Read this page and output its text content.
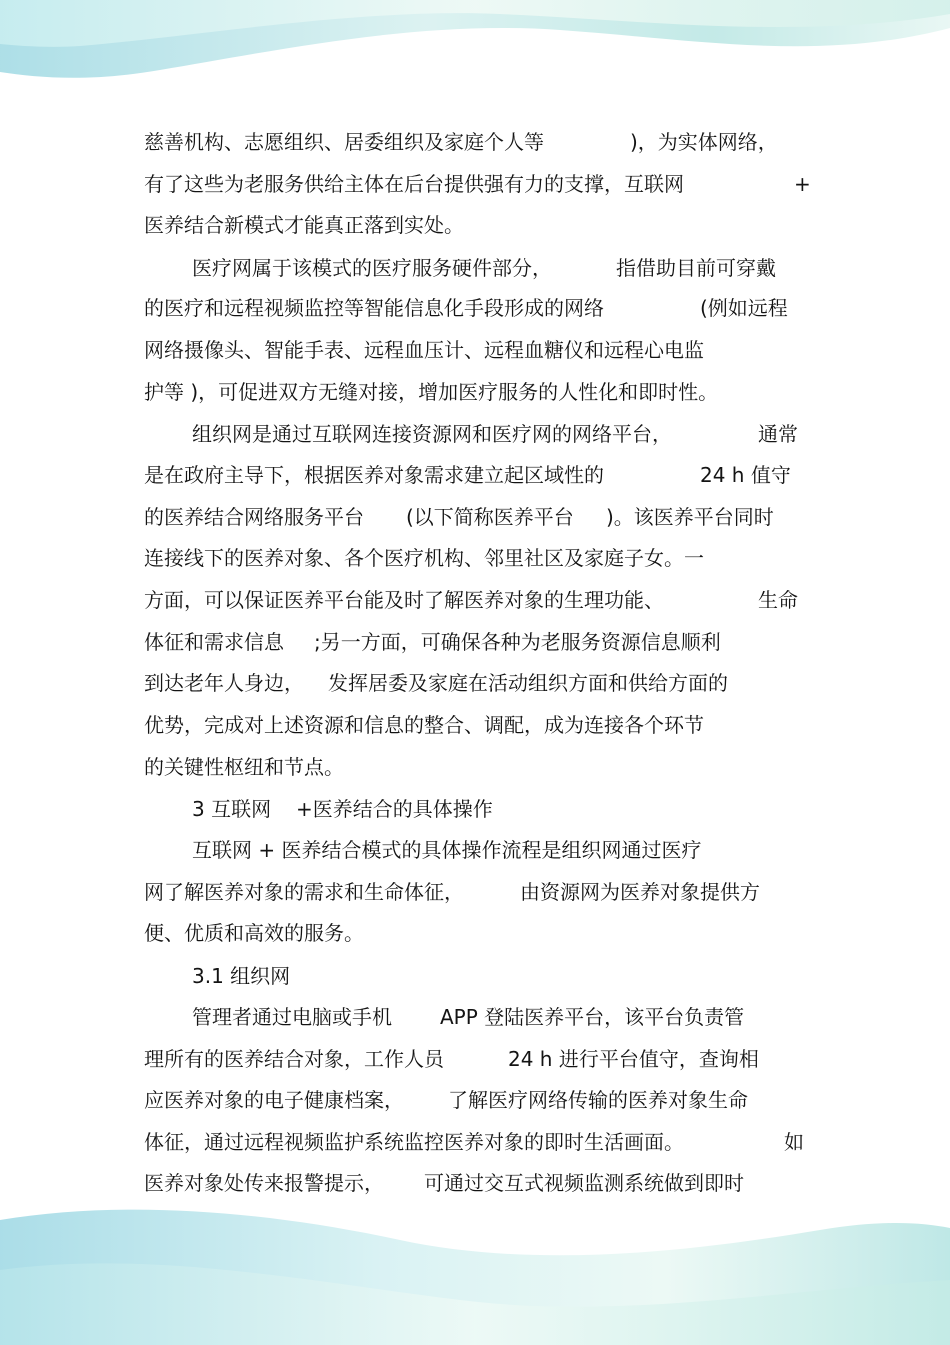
慈善机构、志愿组织、居委组织及家庭个人等	)，为实体网络，
有了这些为老服务供给主体在后台提供强有力的支撑，互联网	+
医养结合新模式才能真正落到实处。
医疗网属于该模式的医疗服务硬件部分，	指借助目前可穿戴
的医疗和远程视频监控等智能信息化手段形成的网络	(例如远程
网络摄像头、智能手表、远程血压计、远程血糖仪和远程心电监
护等 )，可促进双方无缝对接，增加医疗服务的人性化和即时性。
组织网是通过互联网连接资源网和医疗网的网络平台，	通常
是在政府主导下，根据医养对象需求建立起区域性的	24 h 值守
的医养结合网络服务平台 (以下简称医养平台 )。该医养平台同时
连接线下的医养对象、各个医疗机构、邻里社区及家庭子女。一
方面，可以保证医养平台能及时了解医养对象的生理功能、	生命
体征和需求信息 ;另一方面，可确保各种为老服务资源信息顺利
到达老年人身边， 发挥居委及家庭在活动组织方面和供给方面的
优势，完成对上述资源和信息的整合、调配，成为连接各个环节
的关键性枢纽和节点。
3 互联网 +医养结合的具体操作
互联网 + 医养结合模式的具体操作流程是组织网通过医疗
网了解医养对象的需求和生命体征，	由资源网为医养对象提供方
便、优质和高效的服务。
3.1 组织网
管理者通过电脑或手机 APP 登陆医养平台，该平台负责管
理所有的医养结合对象，工作人员	24 h 进行平台值守，查询相
应医养对象的电子健康档案， 了解医疗网络传输的医养对象生命
体征，通过远程视频监护系统监控医养对象的即时生活画面。	如
医养对象处传来报警提示， 可通过交互式视频监测系统做到即时
